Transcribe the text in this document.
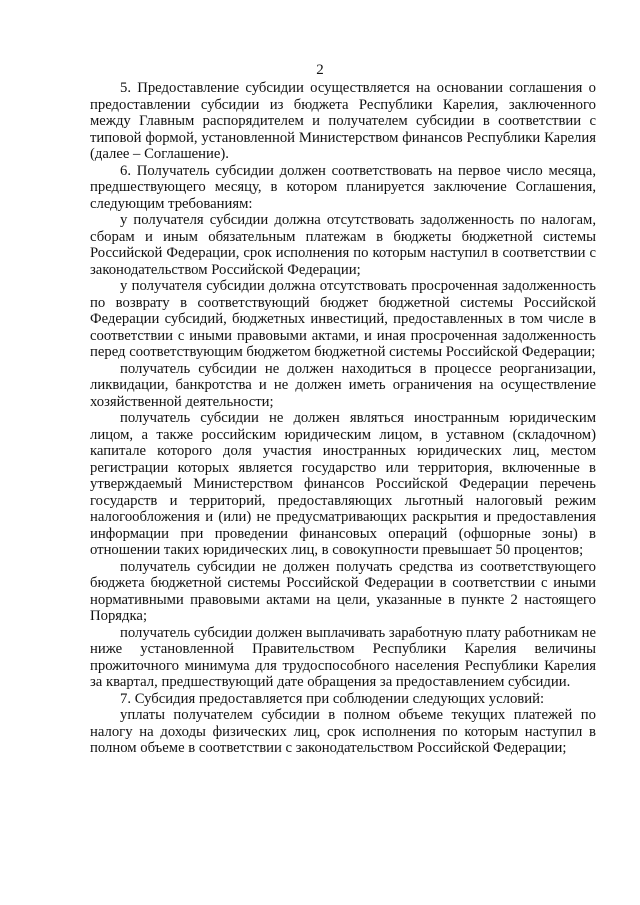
2

5. Предоставление субсидии осуществляется на основании соглашения о предоставлении субсидии из бюджета Республики Карелия, заключенного между Главным распорядителем и получателем субсидии в соответствии с типовой формой, установленной Министерством финансов Республики Карелия (далее – Соглашение).

6. Получатель субсидии должен соответствовать на первое число месяца, предшествующего месяцу, в котором планируется заключение Соглашения, следующим требованиям:

у получателя субсидии должна отсутствовать задолженность по налогам, сборам и иным обязательным платежам в бюджеты бюджетной системы Российской Федерации, срок исполнения по которым наступил в соответствии с законодательством Российской Федерации;

у получателя субсидии должна отсутствовать просроченная задолженность по возврату в соответствующий бюджет бюджетной системы Российской Федерации субсидий, бюджетных инвестиций, предоставленных в том числе в соответствии с иными правовыми актами, и иная просроченная задолженность перед соответствующим бюджетом бюджетной системы Российской Федерации;

получатель субсидии не должен находиться в процессе реорганизации, ликвидации, банкротства и не должен иметь ограничения на осуществление хозяйственной деятельности;

получатель субсидии не должен являться иностранным юридическим лицом, а также российским юридическим лицом, в уставном (складочном) капитале которого доля участия иностранных юридических лиц, местом регистрации которых является государство или территория, включенные в утверждаемый Министерством финансов Российской Федерации перечень государств и территорий, предоставляющих льготный налоговый режим налогообложения и (или) не предусматривающих раскрытия и предоставления информации при проведении финансовых операций (офшорные зоны) в отношении таких юридических лиц, в совокупности превышает 50 процентов;

получатель субсидии не должен получать средства из соответствующего бюджета бюджетной системы Российской Федерации в соответствии с иными нормативными правовыми актами на цели, указанные в пункте 2 настоящего Порядка;

получатель субсидии должен выплачивать заработную плату работникам не ниже установленной Правительством Республики Карелия величины прожиточного минимума для трудоспособного населения Республики Карелия за квартал, предшествующий дате обращения за предоставлением субсидии.

7. Субсидия предоставляется при соблюдении следующих условий:

уплаты получателем субсидии в полном объеме текущих платежей по налогу на доходы физических лиц, срок исполнения по которым наступил в полном объеме в соответствии с законодательством Российской Федерации;
